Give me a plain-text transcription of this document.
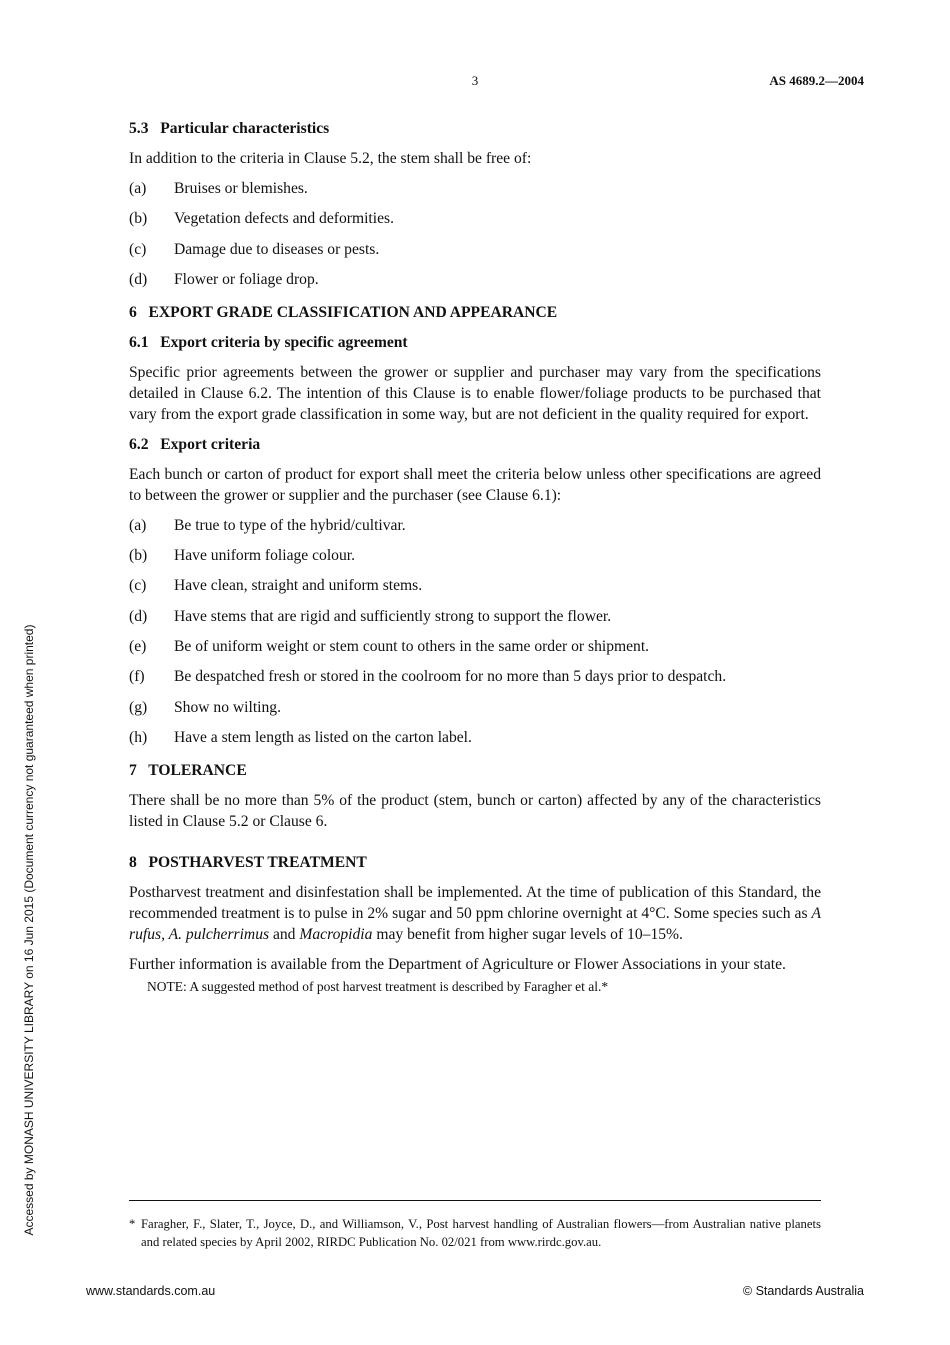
3	AS 4689.2—2004
Accessed by MONASH UNIVERSITY LIBRARY on 16 Jun 2015 (Document currency not guaranteed when printed)
5.3 Particular characteristics

In addition to the criteria in Clause 5.2, the stem shall be free of:

(a)	Bruises or blemishes.
(b)	Vegetation defects and deformities.
(c)	Damage due to diseases or pests.
(d)	Flower or foliage drop.
6 EXPORT GRADE CLASSIFICATION AND APPEARANCE
6.1 Export criteria by specific agreement

Specific prior agreements between the grower or supplier and purchaser may vary from the specifications detailed in Clause 6.2. The intention of this Clause is to enable flower/foliage products to be purchased that vary from the export grade classification in some way, but are not deficient in the quality required for export.

6.2 Export criteria

Each bunch or carton of product for export shall meet the criteria below unless other specifications are agreed to between the grower or supplier and the purchaser (see Clause 6.1):

(a)	Be true to type of the hybrid/cultivar.
(b)	Have uniform foliage colour.
(c)	Have clean, straight and uniform stems.
(d)	Have stems that are rigid and sufficiently strong to support the flower.
(e)	Be of uniform weight or stem count to others in the same order or shipment.
(f)	Be despatched fresh or stored in the coolroom for no more than 5 days prior to despatch.
(g)	Show no wilting.
(h)	Have a stem length as listed on the carton label.
7 TOLERANCE

There shall be no more than 5% of the product (stem, bunch or carton) affected by any of the characteristics listed in Clause 5.2 or Clause 6.

8 POSTHARVEST TREATMENT

Postharvest treatment and disinfestation shall be implemented. At the time of publication of this Standard, the recommended treatment is to pulse in 2% sugar and 50 ppm chlorine overnight at 4°C. Some species such as A rufus, A. pulcherrimus and Macropidia may benefit from higher sugar levels of 10–15%.

Further information is available from the Department of Agriculture or Flower Associations in your state.

NOTE: A suggested method of post harvest treatment is described by Faragher et al.*
* Faragher, F., Slater, T., Joyce, D., and Williamson, V., Post harvest handling of Australian flowers—from Australian native planets and related species by April 2002, RIRDC Publication No. 02/021 from www.rirdc.gov.au.
www.standards.com.au	© Standards Australia
